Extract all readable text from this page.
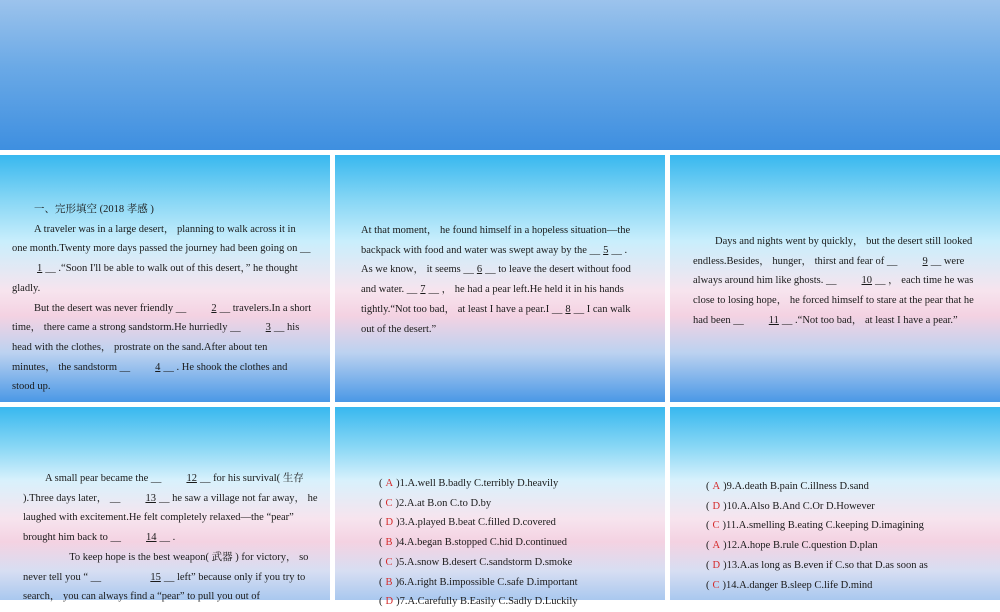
一、完形填空 (2018 孝感 )

A traveler was in a large desert， planning to walk across it in one month.Twenty more days passed the journey had been going on __1 __ .“Soon I'll be able to walk out of this desert，” he thought gladly.

But the desert was never friendly __ 2 __ travelers.In a short time， there came a strong sandstorm.He hurriedly __ 3 __ his head with the clothes， prostrate on the sand.After about ten minutes， the sandstorm __ 4 __ . He shook the clothes and stood up.

At that moment， he found himself in a hopeless situation—the backpack with food and water was swept away by the __ 5 __ .

As we know， it seems __ 6 __ to leave the desert without food and water. __ 7 __ ， he had a pear left.He held it in his hands tightly.“Not too bad， at least I have a pear.I __ 8 __ I can walk out of the desert.”

Days and nights went by quickly， but the desert still looked endless.Besides， hunger， thirst and fear of __ 9 __ were always around him like ghosts. __ 10 __ ， each time he was close to losing hope， he forced himself to stare at the pear that he had been __ 11 __ .“Not too bad， at least I have a pear.”

A small pear became the __ 12 __ for his survival( 生存 ).Three days later， __ 13 __ he saw a village not far away， he laughed with excitement.He felt completely relaxed—the “pear” brought him back to __ 14 __ .

To keep hope is the best weapon( 武器 ) for victory， so never tell you “ __	15 __ left” because only if you try to search， you can always find a “pear” to pull you out of

( A )1.A.well B.badly C.terribly D.heavily
( C )2.A.at B.on C.to D.by
( D )3.A.played B.beat C.filled D.covered
( B )4.A.began B.stopped C.hid D.continued
( C )5.A.snow B.desert C.sandstorm D.smoke
( B )6.A.right B.impossible C.safe D.important
( D )7.A.Carefully B.Easily C.Sadly D.Luckily
( A )9.A.death B.pain C.illness D.sand
( D )10.A.Also B.And C.Or D.However
( C )11.A.smelling B.eating C.keeping D.imagining
( A )12.A.hope B.rule C.question D.plan
( D )13.A.as long as B.even if C.so that D.as soon as
( C )14.A.danger B.sleep C.life D.mind
